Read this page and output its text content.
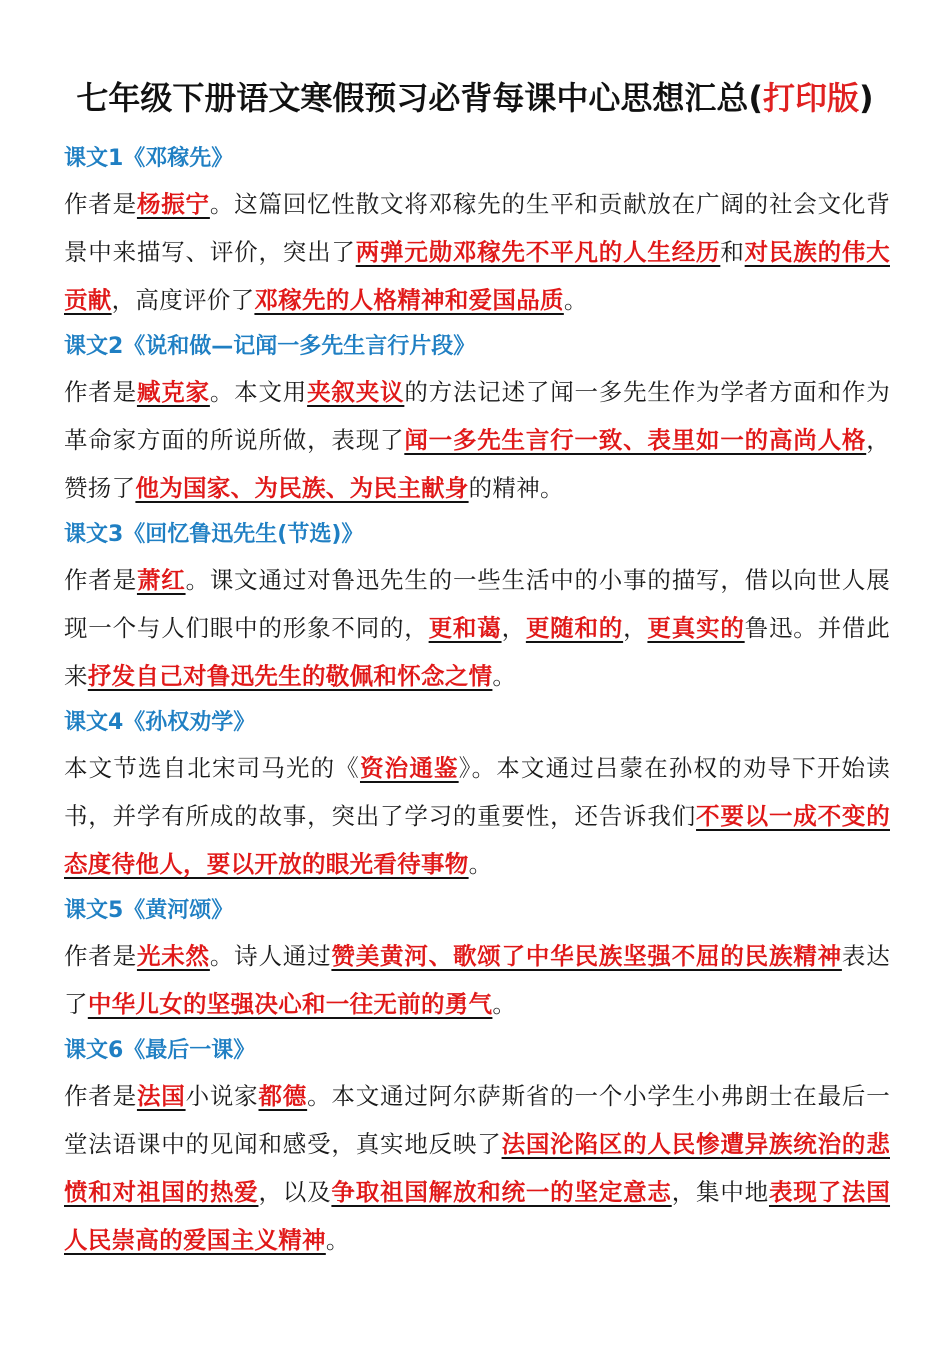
七年级下册语文寒假预习必背每课中心思想汇总(打印版)
课文1《邓稼先》

作者是杨振宁。这篇回忆性散文将邓稼先的生平和贡献放在广阔的社会文化背景中来描写、评价，突出了两弹元勋邓稼先不平凡的人生经历和对民族的伟大贡献，高度评价了邓稼先的人格精神和爱国品质。

课文2《说和做—记闻一多先生言行片段》

作者是臧克家。本文用夹叙夹议的方法记述了闻一多先生作为学者方面和作为革命家方面的所说所做，表现了闻一多先生言行一致、表里如一的高尚人格，赞扬了他为国家、为民族、为民主献身的精神。

课文3《回忆鲁迅先生(节选)》

作者是萧红。课文通过对鲁迅先生的一些生活中的小事的描写，借以向世人展现一个与人们眼中的形象不同的，更和蔼，更随和的，更真实的鲁迅。并借此来抒发自己对鲁迅先生的敬佩和怀念之情。

课文4《孙权劝学》

本文节选自北宋司马光的《资治通鉴》。本文通过吕蒙在孙权的劝导下开始读书，并学有所成的故事，突出了学习的重要性，还告诉我们不要以一成不变的态度待他人，要以开放的眼光看待事物。

课文5《黄河颂》

作者是光未然。诗人通过赞美黄河、歌颂了中华民族坚强不屈的民族精神表达了中华儿女的坚强决心和一往无前的勇气。

课文6《最后一课》

作者是法国小说家都德。本文通过阿尔萨斯省的一个小学生小弗朗士在最后一堂法语课中的见闻和感受，真实地反映了法国沦陷区的人民惨遭异族统治的悲愤和对祖国的热爱，以及争取祖国解放和统一的坚定意志，集中地表现了法国人民崇高的爱国主义精神。
